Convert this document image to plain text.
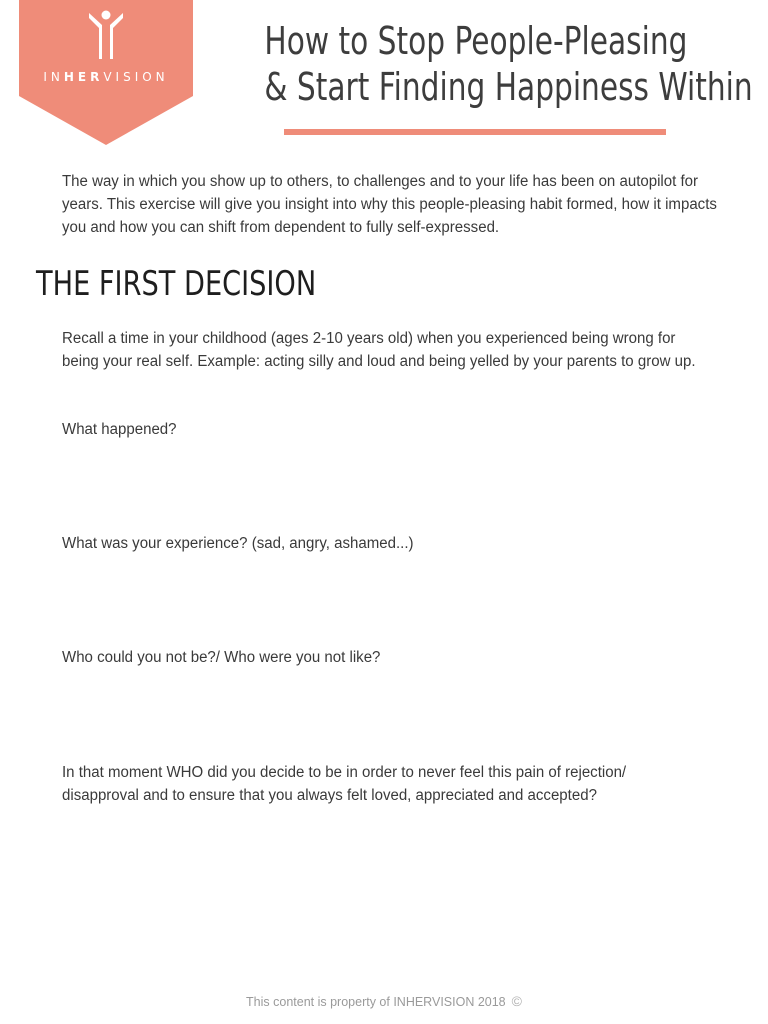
INHERVISION
How to Stop People-Pleasing
& Start Finding Happiness Within
The way in which you show up to others, to challenges and to your life has been on autopilot for years. This exercise will give you insight into why this people-pleasing habit formed, how it impacts you and how you can shift from dependent to fully self-expressed.
THE FIRST DECISION
Recall a time in your childhood (ages 2-10 years old) when you experienced being wrong for being your real self. Example: acting silly and loud and being yelled by your parents to grow up.
What happened?
What was your experience? (sad, angry, ashamed...)
Who could you not be?/ Who were you not like?
In that moment WHO did you decide to be in order to never feel this pain of rejection/ disapproval and to ensure that you always felt loved, appreciated and accepted?
This content is property of INHERVISION 2018 ©
